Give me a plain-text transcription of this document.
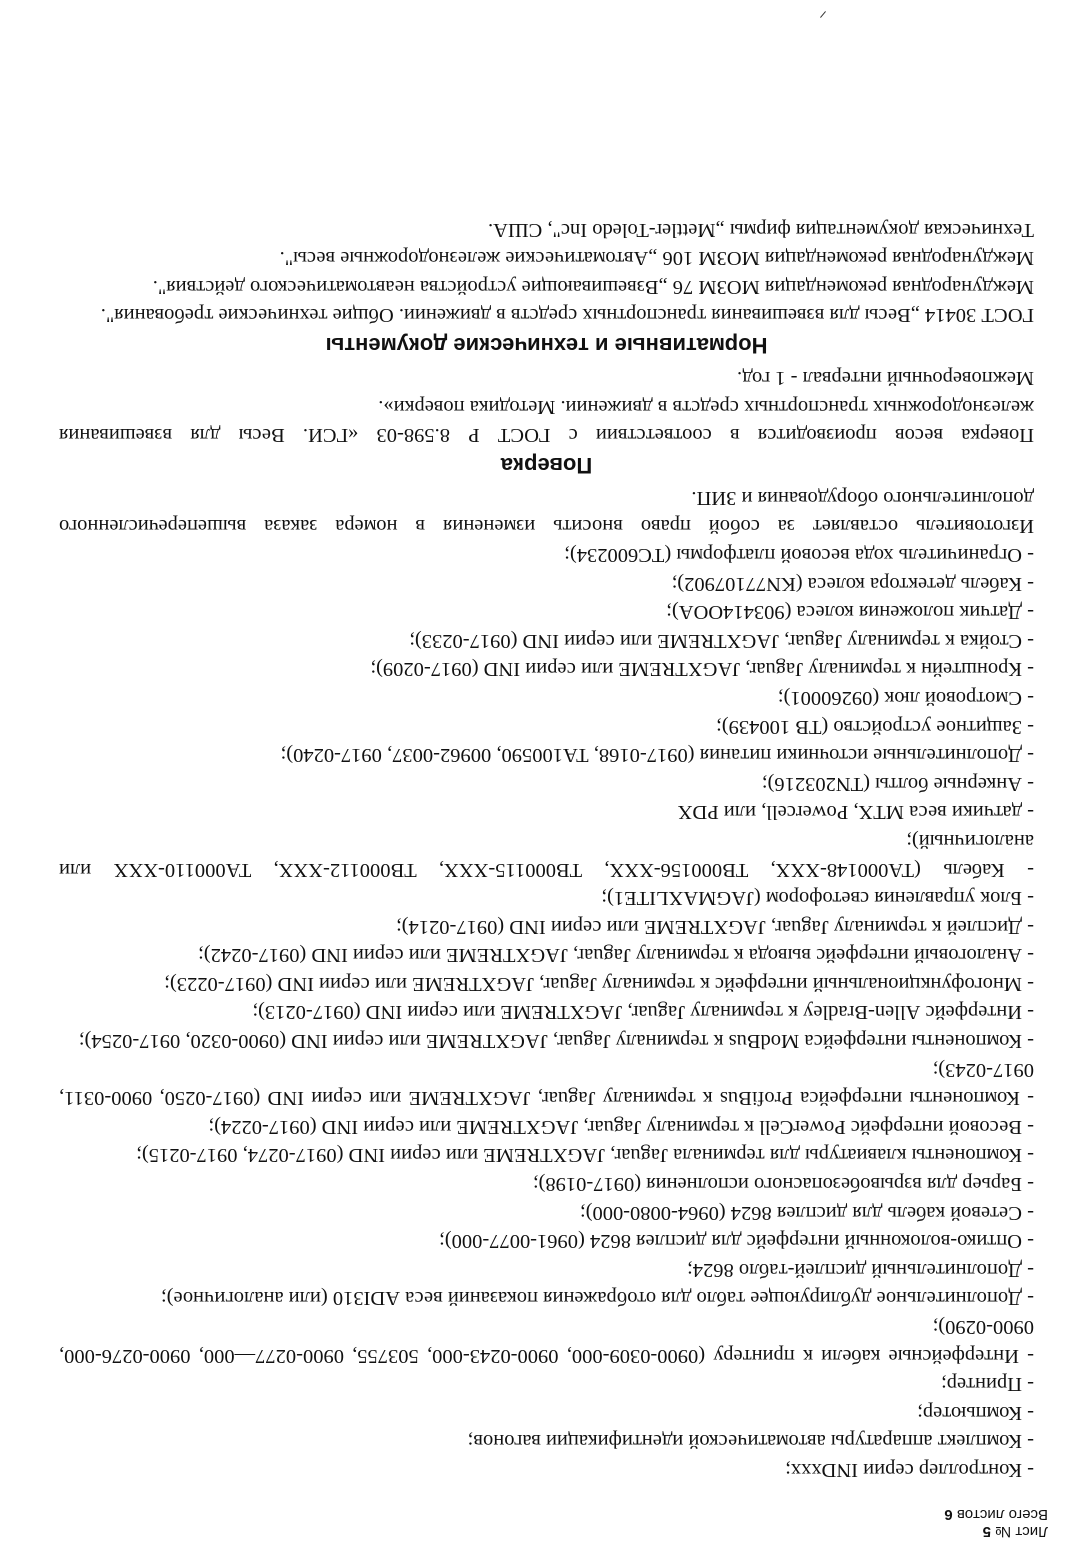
Лист № 5
Всего листов 6

- Контроллер серии INDxxx;

- Комплект аппаратуры автоматической идентификации вагонов;

- Компьютер;

- Принтер;

- Интерфейсные кабели к принтеру (0900-0309-000, 0900-0243-000, 503755, 0900-0277—000, 0900-0276-000, 0900-0290);

- Дополнительное дублирующее табло для отображения показаний веса ADI310 (или аналогичное);

- Дополнительный дисплей-табло 8624;

- Оптико-волоконный интерфейс для дисплея 8624 (0961-0077-000);

- Сетевой кабель для дисплея 8624 (0964-0080-000);

- Барьер для взрывобезопасного исполнения (0917-0198);

- Компоненты клавиатуры для терминала Jaguar, JAGXTREME или серии IND (0917-0274, 0917-0215);

- Весовой интерфейс PowerCell к терминалу Jaguar, JAGXTREME или серии IND (0917-0224);

- Компоненты интерфейса ProfiBus к терминалу Jaguar, JAGXTREME или серии IND (0917-0250, 0900-0311, 0917-0243);

- Компоненты интерфейса ModBus к терминалу Jaguar, JAGXTREME или серии IND (0900-0320, 0917-0254);

- Интерфейс Allen-Bradley к терминалу Jaguar, JAGXTREME или серии IND (0917-0213);

- Многофункциональный интерфейс к терминалу Jaguar, JAGXTREME или серии IND (0917-0223);

- Аналоговый интерфейс вывода к терминалу Jaguar, JAGXTREME или серии IND (0917-0242);

- Дисплей к терминалу Jaguar, JAGXTREME или серии IND (0917-0214);

- Блок управления светофором (JAGMAXLITE1);

- Кабель (TA000148-XXX, TB000156-XXX, TB000115-XXX, TB000112-XXX, TA000110-XXX или аналогичный);

- датчики веса MTX, Powercell, или PDX

- Анкерные болты (TN203216);

- Дополнительные источники питания (0917-0168, TA100590, 00962-0037, 0917-0240);

- Защитное устройство (TB 100439);

- Смотровой люк (09260001);

- Кронштейн к терминалу Jaguar, JAGXTREME или серии IND (0917-0209);

- Стойка к терминалу Jaguar, JAGXTREME или серии IND (0917-0233);

- Датчик положения колеса (903414OOA);

- Кабель детектора колеса (KN77107902);

- Ограничитель хода весовой платформы (TC600234);

Изготовитель оставляет за собой право вносить изменения в номера заказа вышеперечисленного дополнительного оборудования и ЗИП.

Поверка

Поверка весов производится в соответствии с ГОСТ Р 8.598-03 «ГСИ. Весы для взвешивания железнодорожных транспортных средств в движении. Методика поверки».

Межповерочный интервал - 1 год.

Нормативные и технические документы

ГОСТ 30414 „Весы для взвешивания транспортных средств в движении. Общие технические требования".

Международная рекомендация МОЗМ 76 „Взвешивающие устройства неавтоматического действия".

Международная рекомендация МОЗМ 106 „Автоматические железнодорожные весы".

Техническая документация фирмы „Mettler-Toledo Inc", США.
